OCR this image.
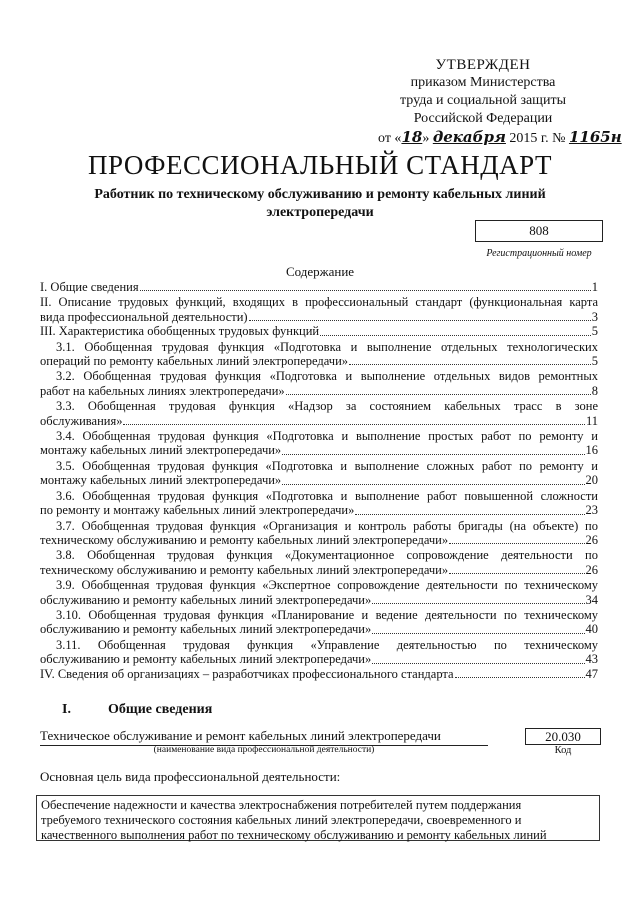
УТВЕРЖДЕН
приказом Министерства
труда и социальной защиты
Российской Федерации
от «18» декабря 2015 г. № 1165н
ПРОФЕССИОНАЛЬНЫЙ СТАНДАРТ
Работник по техническому обслуживанию и ремонту кабельных линий
электропередачи
808
Регистрационный номер
Содержание
I. Общие сведения	1
II. Описание трудовых функций, входящих в профессиональный стандарт (функциональная карта
вида профессиональной деятельности)	3
III. Характеристика обобщенных трудовых функций	5
3.1. Обобщенная трудовая функция «Подготовка и выполнение отдельных технологических
операций по ремонту кабельных линий электропередачи»	5
3.2. Обобщенная трудовая функция «Подготовка и выполнение отдельных видов ремонтных
работ на кабельных линиях электропередачи»	8
3.3. Обобщенная трудовая функция «Надзор за состоянием кабельных трасс в зоне
обслуживания»	11
3.4. Обобщенная трудовая функция «Подготовка и выполнение простых работ по ремонту и
монтажу кабельных линий электропередачи»	16
3.5. Обобщенная трудовая функция «Подготовка и выполнение сложных работ по ремонту и
монтажу кабельных линий электропередачи»	20
3.6. Обобщенная трудовая функция «Подготовка и выполнение работ повышенной сложности
по ремонту и монтажу кабельных линий электропередачи»	23
3.7. Обобщенная трудовая функция «Организация и контроль работы бригады (на объекте) по
техническому обслуживанию и ремонту кабельных линий электропередачи»	26
3.8. Обобщенная трудовая функция «Документационное сопровождение деятельности по
техническому обслуживанию и ремонту кабельных линий электропередачи»	26
3.9. Обобщенная трудовая функция «Экспертное сопровождение деятельности по техническому
обслуживанию и ремонту кабельных линий электропередачи»	34
3.10. Обобщенная трудовая функция «Планирование и ведение деятельности по техническому
обслуживанию и ремонту кабельных линий электропередачи»	40
3.11. Обобщенная трудовая функция «Управление деятельностью по техническому
обслуживанию и ремонту кабельных линий электропередачи»	43
IV. Сведения об организациях – разработчиках профессионального стандарта	47
I.	Общие сведения
Техническое обслуживание и ремонт кабельных линий электропередачи
(наименование вида профессиональной деятельности)
20.030
Код
Основная цель вида профессиональной деятельности:
Обеспечение надежности и качества электроснабжения потребителей путем поддержания
требуемого технического состояния кабельных линий электропередачи, своевременного и
качественного выполнения работ по техническому обслуживанию и ремонту кабельных линий
